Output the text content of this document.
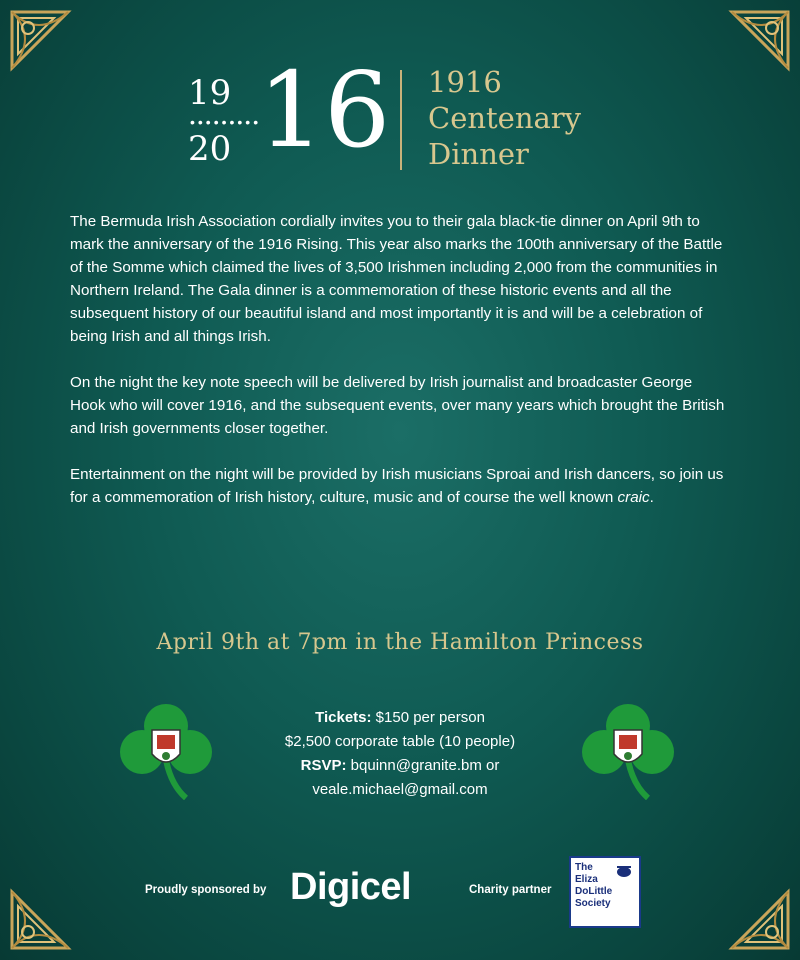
19
•••••••••
20 16 1916
Centenary
Dinner

The Bermuda Irish Association cordially invites you to their gala black-tie dinner on April 9th to mark the anniversary of the 1916 Rising. This year also marks the 100th anniversary of the Battle of the Somme which claimed the lives of 3,500 Irishmen including 2,000 from the communities in Northern Ireland. The Gala dinner is a commemoration of these historic events and all the subsequent history of our beautiful island and most importantly it is and will be a celebration of being Irish and all things Irish.

On the night the key note speech will be delivered by Irish journalist and broadcaster George Hook who will cover 1916, and the subsequent events, over many years which brought the British and Irish governments closer together.

Entertainment on the night will be provided by Irish musicians Sproai and Irish dancers, so join us for a commemoration of Irish history, culture, music and of course the well known craic.

April 9th at 7pm in the Hamilton Princess
Tickets: $150 per person
$2,500 corporate table (10 people)
RSVP: bquinn@granite.bm or
veale.michael@gmail.com
Proudly sponsored by Digicel	Charity partner
The
Eliza
DoLittle
Society
